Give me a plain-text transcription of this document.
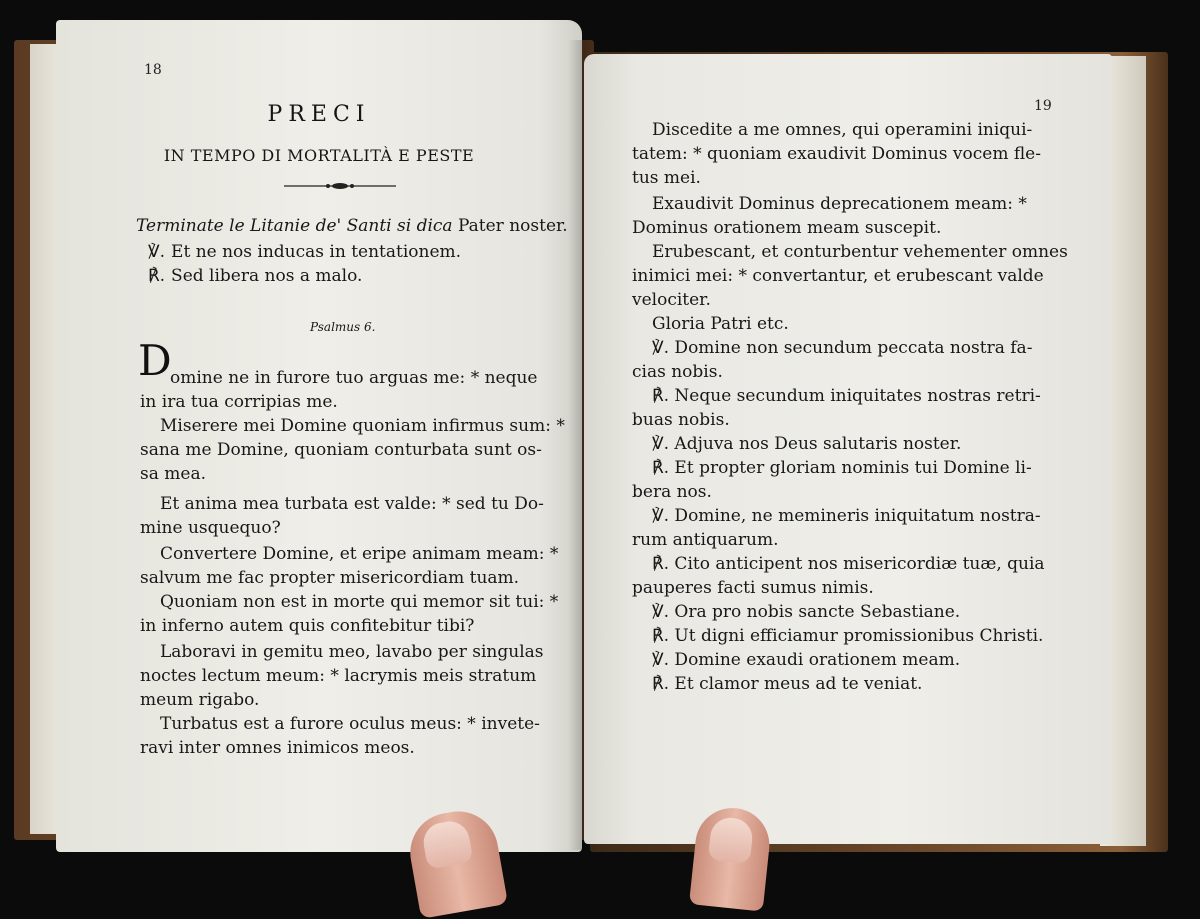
18
PRECI
IN TEMPO DI MORTALITÀ E PESTE
Terminate le Litanie de' Santi si dica Pater noster.
℣. Et ne nos inducas in tentationem.
℟. Sed libera nos a malo.
Psalmus 6.
D
omine ne in furore tuo arguas me: * neque
in ira tua corripias me.
Miserere mei Domine quoniam infirmus sum: *
sana me Domine, quoniam conturbata sunt os-
sa mea.
Et anima mea turbata est valde: * sed tu Do-
mine usquequo?
Convertere Domine, et eripe animam meam: *
salvum me fac propter misericordiam tuam.
Quoniam non est in morte qui memor sit tui: *
in inferno autem quis confitebitur tibi?
Laboravi in gemitu meo, lavabo per singulas
noctes lectum meum: * lacrymis meis stratum
meum rigabo.
Turbatus est a furore oculus meus: * invete-
ravi inter omnes inimicos meos.
19
Discedite a me omnes, qui operamini iniqui-
tatem: * quoniam exaudivit Dominus vocem fle-
tus mei.
Exaudivit Dominus deprecationem meam: *
Dominus orationem meam suscepit.
Erubescant, et conturbentur vehementer omnes
inimici mei: * convertantur, et erubescant valde
velociter.
Gloria Patri etc.
℣. Domine non secundum peccata nostra fa-
cias nobis.
℟. Neque secundum iniquitates nostras retri-
buas nobis.
℣. Adjuva nos Deus salutaris noster.
℟. Et propter gloriam nominis tui Domine li-
bera nos.
℣. Domine, ne memineris iniquitatum nostra-
rum antiquarum.
℟. Cito anticipent nos misericordiæ tuæ, quia
pauperes facti sumus nimis.
℣. Ora pro nobis sancte Sebastiane.
℟. Ut digni efficiamur promissionibus Christi.
℣. Domine exaudi orationem meam.
℟. Et clamor meus ad te veniat.
